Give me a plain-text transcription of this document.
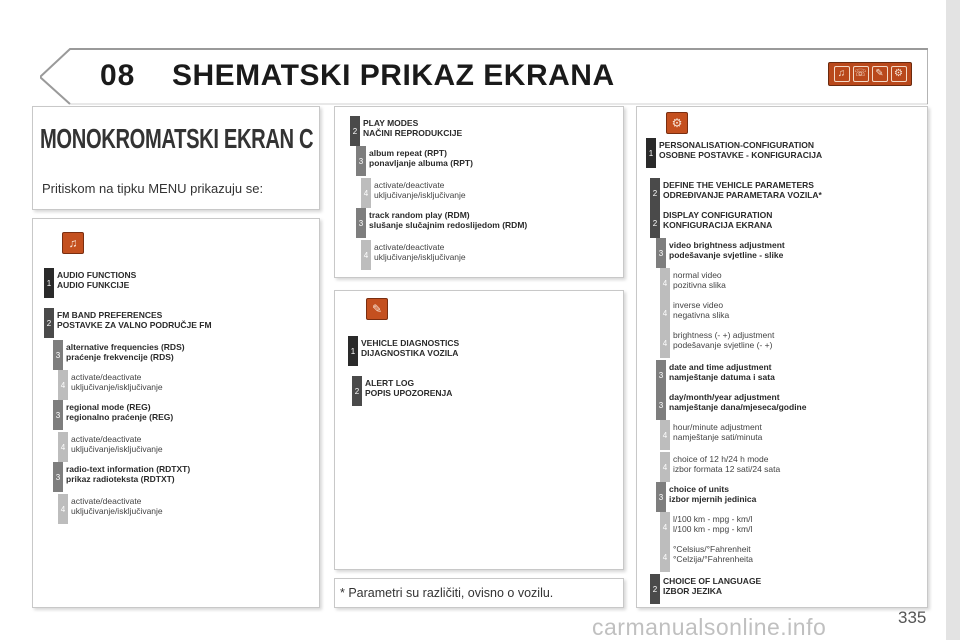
08 SHEMATSKI PRIKAZ EKRANA	♫ ☏ ✎	⚙
MONOKROMATSKI EKRAN C
Pritiskom na tipku MENU prikazuju se:
♫
1
AUDIO FUNCTIONS
AUDIO FUNKCIJE
2
FM BAND PREFERENCES
POSTAVKE ZA VALNO PODRUČJE FM
3
alternative frequencies (RDS)
praćenje frekvencije (RDS)
4
activate/deactivate
uključivanje/isključivanje
3
regional mode (REG)
regionalno praćenje (REG)
4
activate/deactivate
uključivanje/isključivanje
3
radio-text information (RDTXT)
prikaz radioteksta (RDTXT)
4
activate/deactivate
uključivanje/isključivanje
2
PLAY MODES
NAČINI REPRODUKCIJE
3
album repeat (RPT)
ponavljanje albuma (RPT)
4
activate/deactivate
uključivanje/isključivanje
3
track random play (RDM)
slušanje slučajnim redoslijedom (RDM)
4
activate/deactivate
uključivanje/isključivanje
✎
1
VEHICLE DIAGNOSTICS
DIJAGNOSTIKA VOZILA
2
ALERT LOG
POPIS UPOZORENJA
* Parametri su različiti, ovisno o vozilu.
⚙
1
PERSONALISATION-CONFIGURATION
OSOBNE POSTAVKE - KONFIGURACIJA
2
DEFINE THE VEHICLE PARAMETERS
ODREĐIVANJE PARAMETARA VOZILA*
2
DISPLAY CONFIGURATION
KONFIGURACIJA EKRANA
3
video brightness adjustment
podešavanje svjetline - slike
4
normal video
pozitivna slika
4
inverse video
negativna slika
4
brightness (- +) adjustment
podešavanje svjetline (- +)
3
date and time adjustment
namještanje datuma i sata
3
day/month/year adjustment
namještanje dana/mjeseca/godine
4
hour/minute adjustment
namještanje sati/minuta
4
choice of 12 h/24 h mode
izbor formata 12 sati/24 sata
3
choice of units
izbor mjernih jedinica
4
l/100 km - mpg - km/l
l/100 km - mpg - km/l
4
°Celsius/°Fahrenheit
°Celzija/°Fahrenheita
2
CHOICE OF LANGUAGE
IZBOR JEZIKA
carmanualsonline.info	335
